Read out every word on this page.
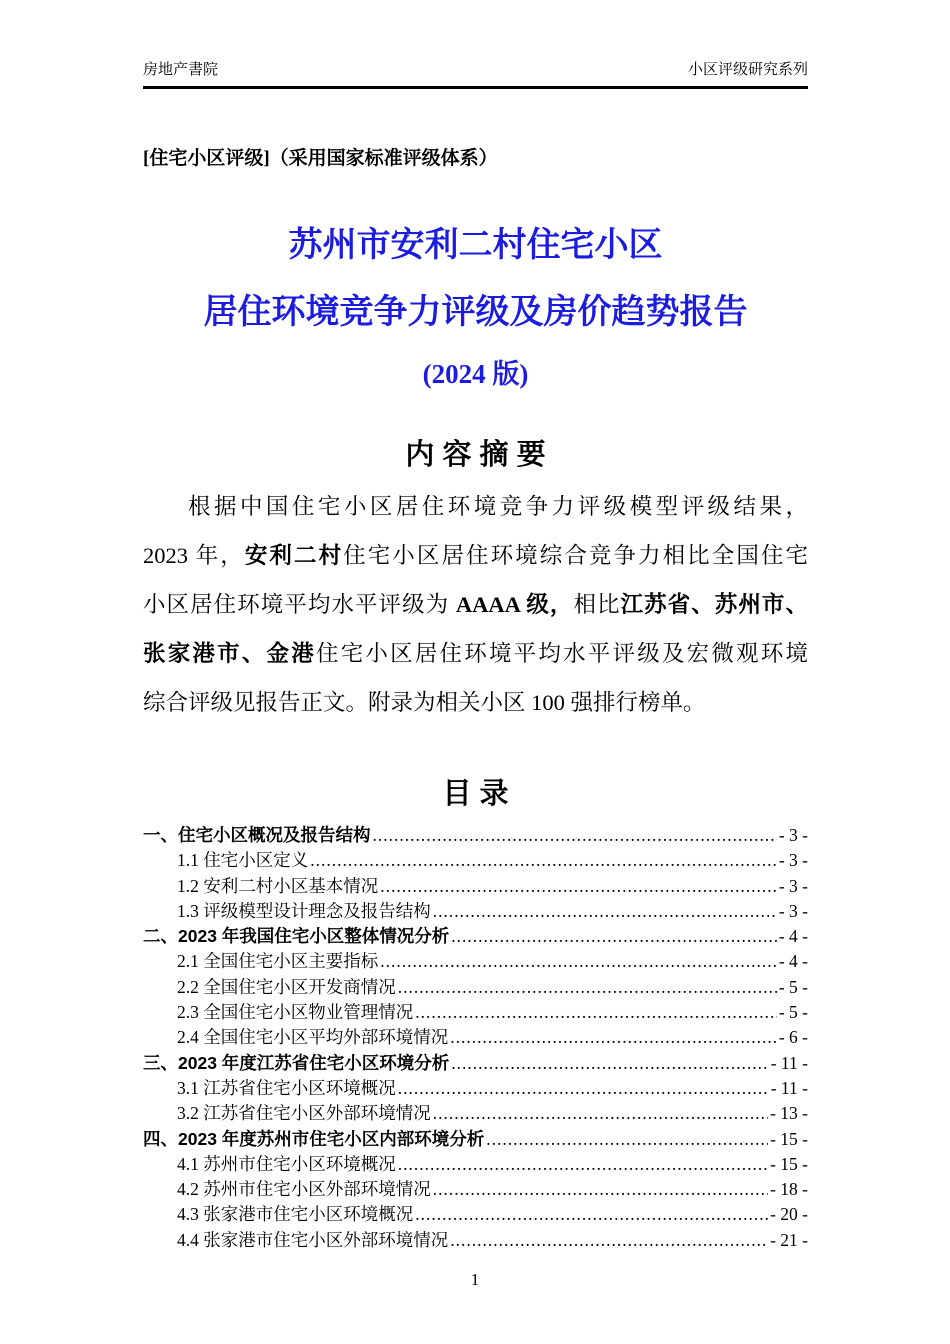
房地产書院	小区评级研究系列
[住宅小区评级]（采用国家标准评级体系）
苏州市安利二村住宅小区
居住环境竞争力评级及房价趋势报告
(2024 版)
内 容 摘 要
根据中国住宅小区居住环境竞争力评级模型评级结果，
2023 年，安利二村住宅小区居住环境综合竞争力相比全国住宅
小区居住环境平均水平评级为 AAAA 级，相比江苏省、苏州市、
张家港市、金港住宅小区居住环境平均水平评级及宏微观环境
综合评级见报告正文。附录为相关小区 100 强排行榜单。
目 录
一、住宅小区概况及报告结构 .....	- 3 -
1.1 住宅小区定义 .....	- 3 -
1.2 安利二村小区基本情况 .....	- 3 -
1.3 评级模型设计理念及报告结构 .....	- 3 -
二、2023 年我国住宅小区整体情况分析 .....	- 4 -
2.1 全国住宅小区主要指标 .....	- 4 -
2.2 全国住宅小区开发商情况 .....	- 5 -
2.3 全国住宅小区物业管理情况 .....	- 5 -
2.4 全国住宅小区平均外部环境情况 .....	- 6 -
三、2023 年度江苏省住宅小区环境分析 .....	- 11 -
3.1 江苏省住宅小区环境概况 .....	- 11 -
3.2 江苏省住宅小区外部环境情况 .....	- 13 -
四、2023 年度苏州市住宅小区内部环境分析 .....	- 15 -
4.1 苏州市住宅小区环境概况 .....	- 15 -
4.2 苏州市住宅小区外部环境情况 .....	- 18 -
4.3 张家港市住宅小区环境概况 .....	- 20 -
4.4 张家港市住宅小区外部环境情况 .....	- 21 -
1
